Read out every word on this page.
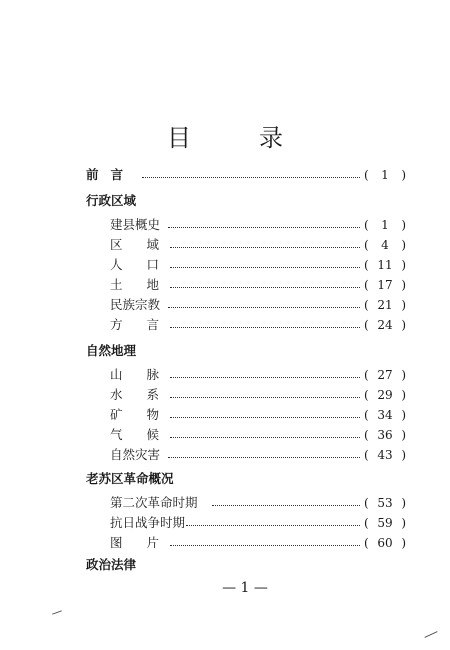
目	录
前言	(	1	)
行政区域
建县概史	(	1	)
区域	(	4	)
人口	( 11 )
土地	( 17 )
民族宗教	( 21 )
方言	( 24 )
自然地理
山脉	( 27 )
水系	( 29 )
矿物	( 34 )
气候	( 36 )
自然灾害	( 43 )
老苏区革命概况
第二次革命时期	( 53 )
抗日战争时期	( 59 )
图片	( 60 )
政治法律
— 1 —
